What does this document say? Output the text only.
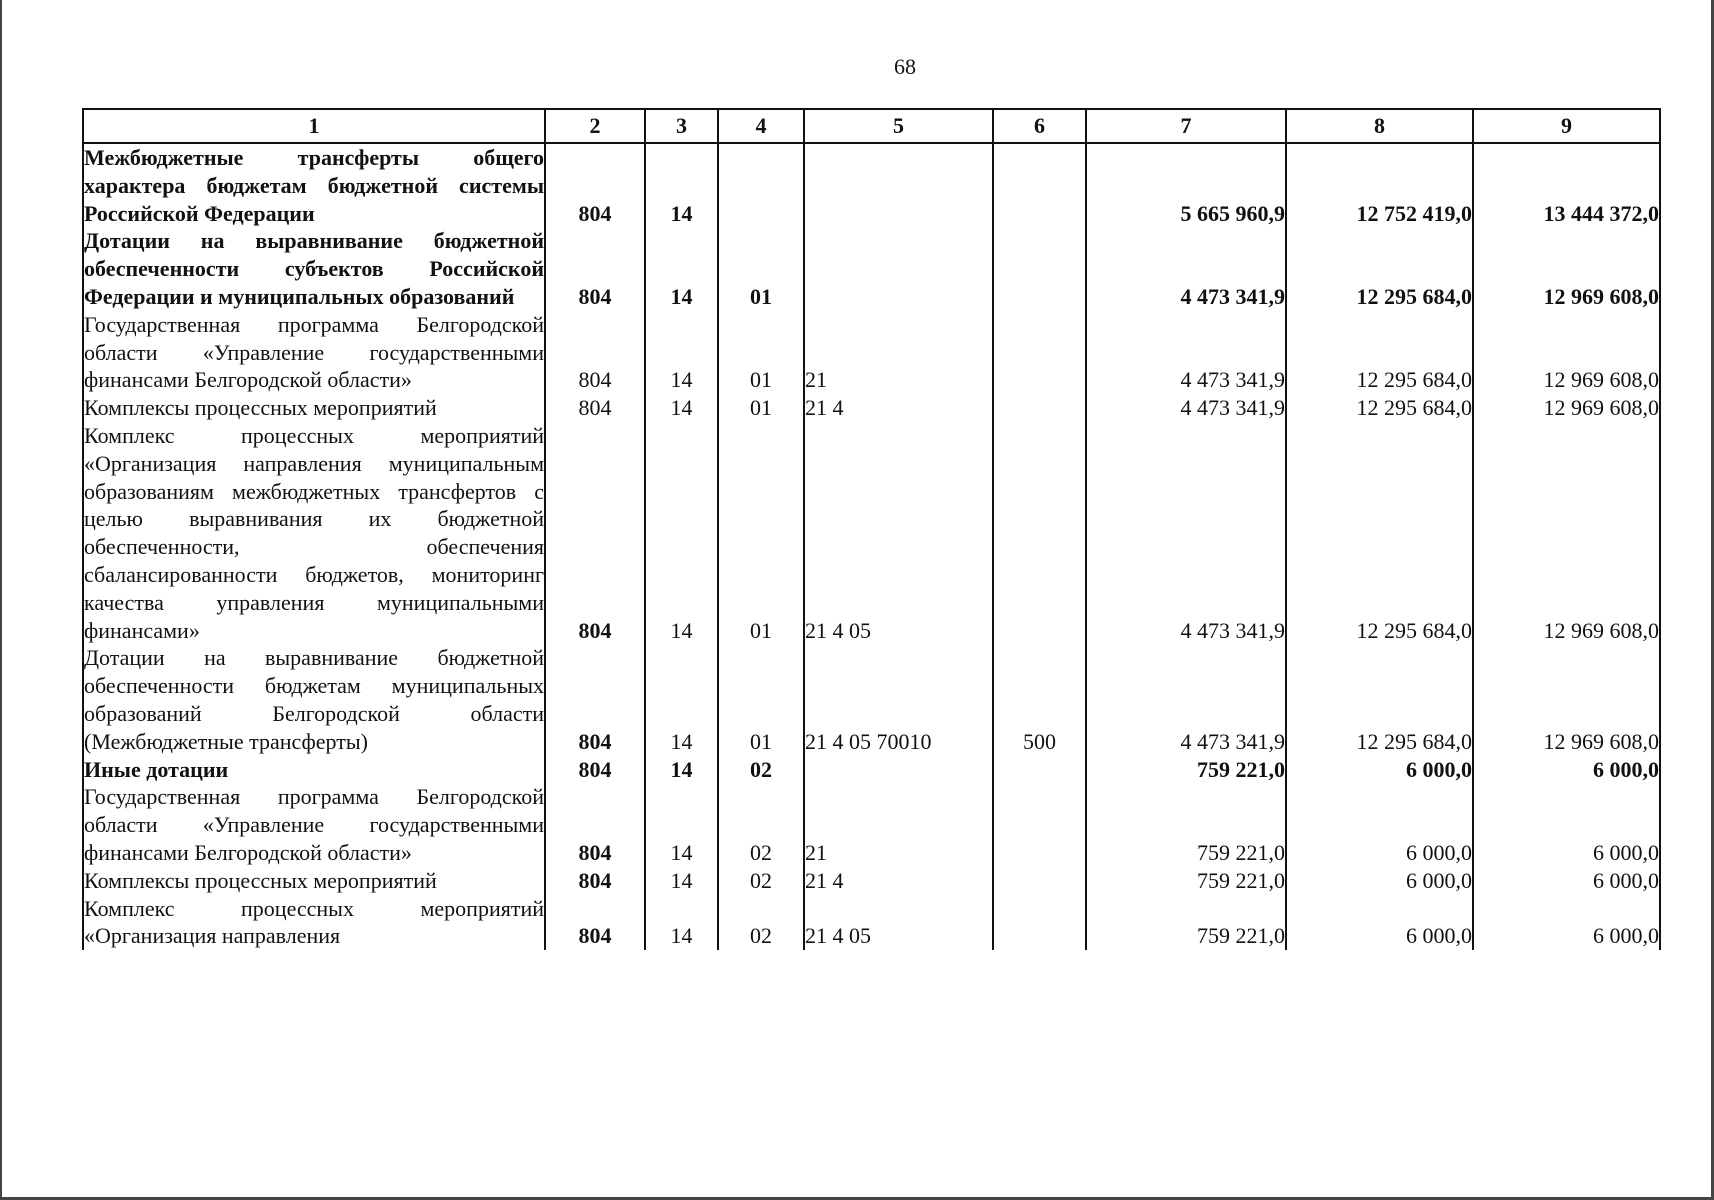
68
1	2	3	4	5	6	7	8	9
Межбюджетные трансферты общего характера бюджетам бюджетной системы Российской Федерации	804	14				5 665 960,9	12 752 419,0	13 444 372,0
Дотации на выравнивание бюджетной обеспеченности субъектов Российской Федерации и муниципальных образований	804	14	01			4 473 341,9	12 295 684,0	12 969 608,0
Государственная программа Белгородской области «Управление государственными финансами Белгородской области»	804	14	01	21		4 473 341,9	12 295 684,0	12 969 608,0
Комплексы процессных мероприятий	804	14	01	21 4		4 473 341,9	12 295 684,0	12 969 608,0
Комплекс процессных мероприятий «Организация направления муниципальным образованиям межбюджетных трансфертов с целью выравнивания их бюджетной обеспеченности, обеспечения сбалансированности бюджетов, мониторинг качества управления муниципальными финансами»	804	14	01	21 4 05		4 473 341,9	12 295 684,0	12 969 608,0
Дотации на выравнивание бюджетной обеспеченности бюджетам муниципальных образований Белгородской области (Межбюджетные трансферты)	804	14	01	21 4 05 70010	500	4 473 341,9	12 295 684,0	12 969 608,0
Иные дотации	804	14	02			759 221,0	6 000,0	6 000,0
Государственная программа Белгородской области «Управление государственными финансами Белгородской области»	804	14	02	21		759 221,0	6 000,0	6 000,0
Комплексы процессных мероприятий	804	14	02	21 4		759 221,0	6 000,0	6 000,0
Комплекс процессных мероприятий «Организация направления	804	14	02	21 4 05		759 221,0	6 000,0	6 000,0
